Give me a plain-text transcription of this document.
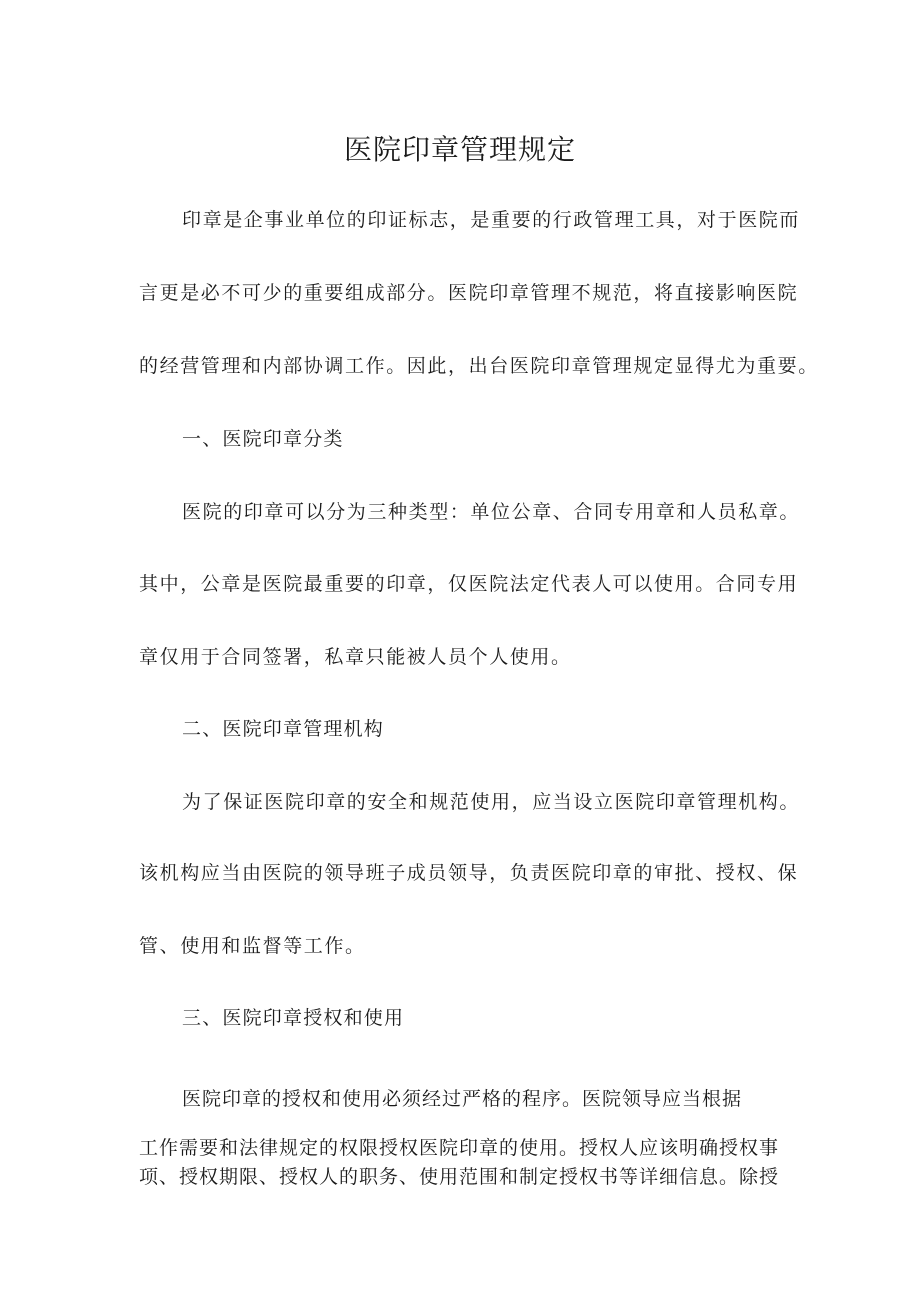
医院印章管理规定
印章是企事业单位的印证标志，是重要的行政管理工具，对于医院而
言更是必不可少的重要组成部分。医院印章管理不规范，将直接影响医院
的经营管理和内部协调工作。因此，出台医院印章管理规定显得尤为重要。
一、医院印章分类
医院的印章可以分为三种类型：单位公章、合同专用章和人员私章。
其中，公章是医院最重要的印章，仅医院法定代表人可以使用。合同专用
章仅用于合同签署，私章只能被人员个人使用。
二、医院印章管理机构
为了保证医院印章的安全和规范使用，应当设立医院印章管理机构。
该机构应当由医院的领导班子成员领导，负责医院印章的审批、授权、保
管、使用和监督等工作。
三、医院印章授权和使用
医院印章的授权和使用必须经过严格的程序。医院领导应当根据
工作需要和法律规定的权限授权医院印章的使用。授权人应该明确授权事
项、授权期限、授权人的职务、使用范围和制定授权书等详细信息。除授
